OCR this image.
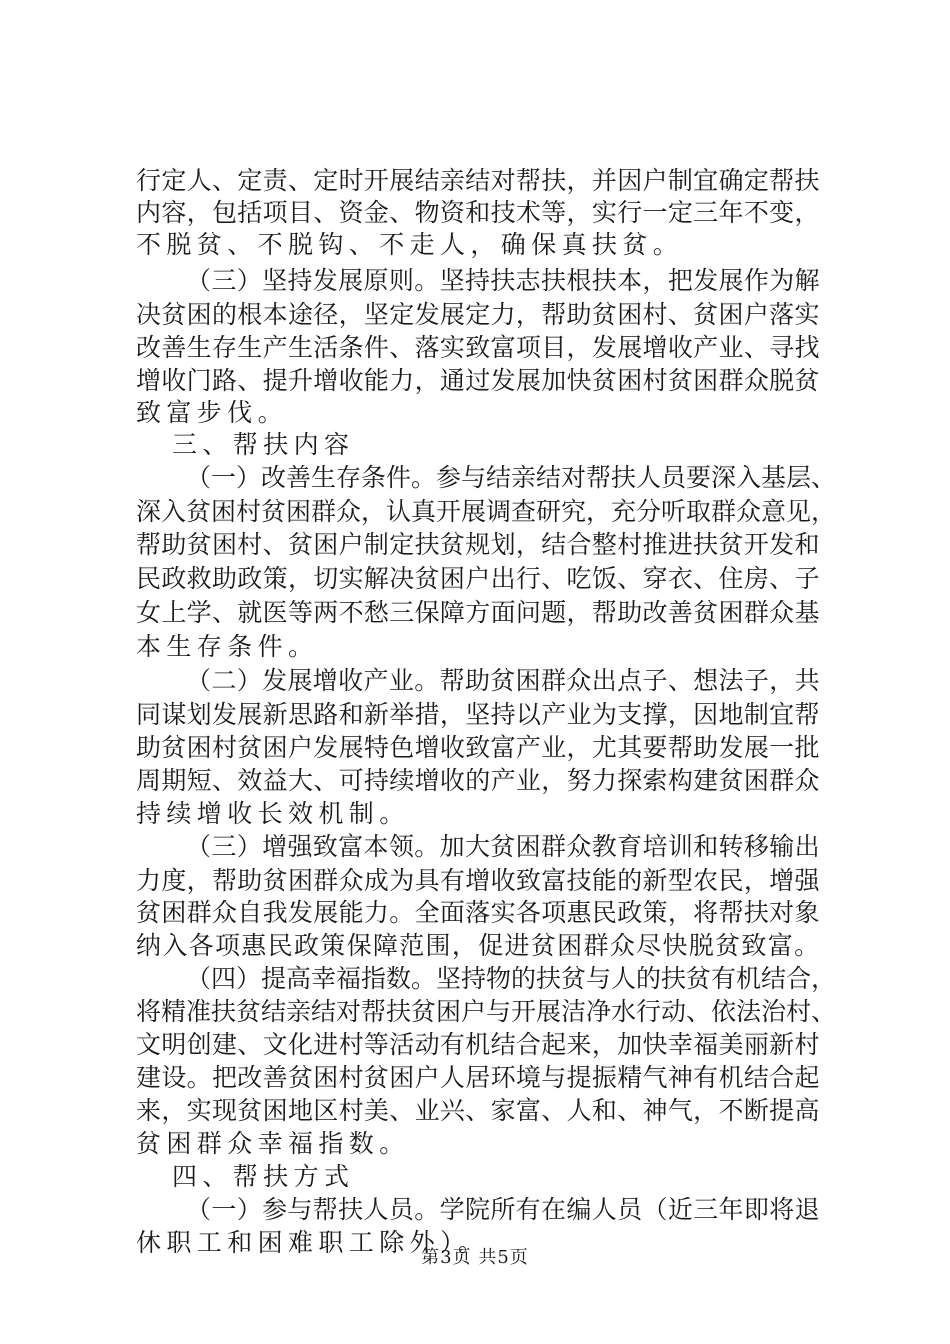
行定人、定责、定时开展结亲结对帮扶，并因户制宜确定帮扶
内容，包括项目、资金、物资和技术等，实行一定三年不变，
不脱贫、不脱钩、不走人，确保真扶贫。
（三）坚持发展原则。坚持扶志扶根扶本，把发展作为解
决贫困的根本途径，坚定发展定力，帮助贫困村、贫困户落实
改善生存生产生活条件、落实致富项目，发展增收产业、寻找
增收门路、提升增收能力，通过发展加快贫困村贫困群众脱贫
致富步伐。
三、帮扶内容
（一）改善生存条件。参与结亲结对帮扶人员要深入基层、
深入贫困村贫困群众，认真开展调查研究，充分听取群众意见，
帮助贫困村、贫困户制定扶贫规划，结合整村推进扶贫开发和
民政救助政策，切实解决贫困户出行、吃饭、穿衣、住房、子
女上学、就医等两不愁三保障方面问题，帮助改善贫困群众基
本生存条件。
（二）发展增收产业。帮助贫困群众出点子、想法子，共
同谋划发展新思路和新举措，坚持以产业为支撑，因地制宜帮
助贫困村贫困户发展特色增收致富产业，尤其要帮助发展一批
周期短、效益大、可持续增收的产业，努力探索构建贫困群众
持续增收长效机制。
（三）增强致富本领。加大贫困群众教育培训和转移输出
力度，帮助贫困群众成为具有增收致富技能的新型农民，增强
贫困群众自我发展能力。全面落实各项惠民政策，将帮扶对象
纳入各项惠民政策保障范围，促进贫困群众尽快脱贫致富。
（四）提高幸福指数。坚持物的扶贫与人的扶贫有机结合，
将精准扶贫结亲结对帮扶贫困户与开展洁净水行动、依法治村、
文明创建、文化进村等活动有机结合起来，加快幸福美丽新村
建设。把改善贫困村贫困户人居环境与提振精气神有机结合起
来，实现贫困地区村美、业兴、家富、人和、神气，不断提高
贫困群众幸福指数。
四、帮扶方式
（一）参与帮扶人员。学院所有在编人员（近三年即将退
休职工和困难职工除外）。
第3页 共5页
